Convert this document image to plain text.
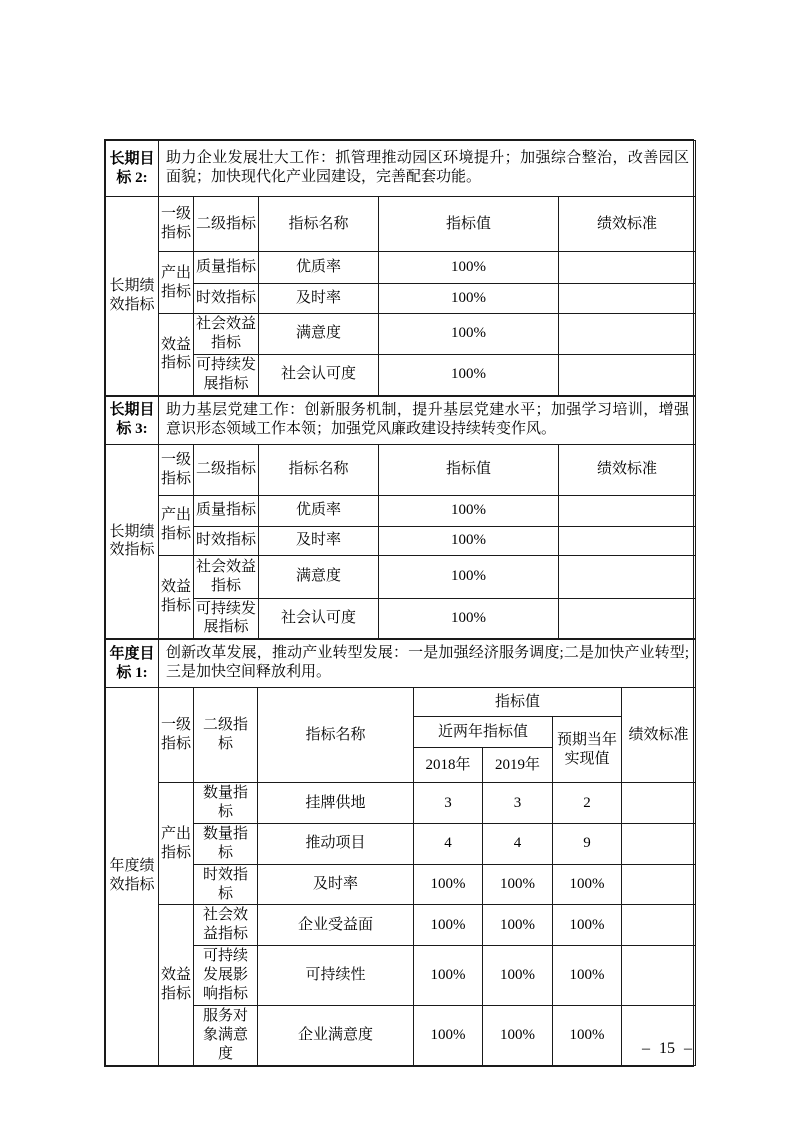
长期目标 2:	助力企业发展壮大工作：抓管理推动园区环境提升；加强综合整治，改善园区面貌；加快现代化产业园建设，完善配套功能。				
长期绩效指标	一级指标	二级指标	指标名称	指标值	绩效标准
	产出指标	质量指标	优质率	100%	
		时效指标	及时率	100%	
	效益指标	社会效益指标	满意度	100%	
		可持续发展指标	社会认可度	100%	
长期目标 3:	助力基层党建工作：创新服务机制，提升基层党建水平；加强学习培训，增强意识形态领域工作本领；加强党风廉政建设持续转变作风。				
长期绩效指标	一级指标	二级指标	指标名称	指标值	绩效标准
	产出指标	质量指标	优质率	100%	
		时效指标	及时率	100%	
	效益指标	社会效益指标	满意度	100%	
		可持续发展指标	社会认可度	100%	
年度目标 1:	创新改革发展，推动产业转型发展：一是加强经济服务调度;二是加快产业转型;三是加快空间释放利用。						
年度绩效指标	一级指标	二级指标	指标名称	指标值			绩效标准
				近两年指标值		预期当年实现值	
				2018年	2019年		
	产出指标	数量指标	挂牌供地	3	3	2	
		数量指标	推动项目	4	4	9	
		时效指标	及时率	100%	100%	100%	
	效益指标	社会效益指标	企业受益面	100%	100%	100%	
		可持续发展影响指标	可持续性	100%	100%	100%	
		服务对象满意度	企业满意度	100%	100%	100%	
– 15 –
